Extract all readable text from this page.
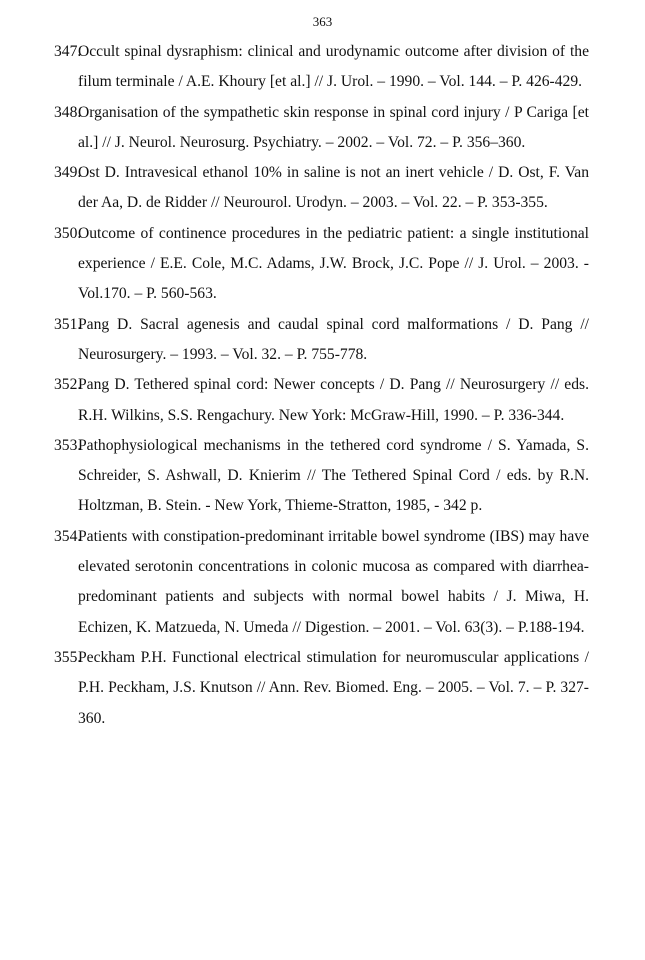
363
347.
Occult spinal dysraphism: clinical and urodynamic outcome after division of the filum terminale / A.E. Khoury [et al.] // J. Urol. – 1990. – Vol. 144. – P. 426-429.
348.
Organisation of the sympathetic skin response in spinal cord injury / P Cariga [et al.] // J. Neurol. Neurosurg. Psychiatry. – 2002. – Vol. 72. – P. 356–360.
349.
Ost D. Intravesical ethanol 10% in saline is not an inert vehicle / D. Ost, F. Van der Aa, D. de Ridder // Neurourol. Urodyn. – 2003. – Vol. 22. – P. 353-355.
350.
Outcome of continence procedures in the pediatric patient: a single institutional experience / E.E. Cole, M.C. Adams, J.W. Brock, J.C. Pope // J. Urol. – 2003. - Vol.170. – P. 560-563.
351.
Pang D. Sacral agenesis and caudal spinal cord malformations / D. Pang // Neurosurgery. – 1993. – Vol. 32. – P. 755-778.
352.
Pang D. Tethered spinal cord: Newer concepts / D. Pang // Neurosurgery // eds. R.H. Wilkins, S.S. Rengachury. New York: McGraw-Hill, 1990. – P. 336-344.
353.
Pathophysiological mechanisms in the tethered cord syndrome / S. Yamada, S. Schreider, S. Ashwall, D. Knierim // The Tethered Spinal Cord / eds. by R.N. Holtzman, B. Stein. - New York, Thieme-Stratton, 1985, - 342 p.
354.
Patients with constipation-predominant irritable bowel syndrome (IBS) may have elevated serotonin concentrations in colonic mucosa as compared with diarrhea-predominant patients and subjects with normal bowel habits / J. Miwa, H. Echizen, K. Matzueda, N. Umeda // Digestion. – 2001. – Vol. 63(3). – P.188-194.
355.
Peckham P.H. Functional electrical stimulation for neuromuscular applications / P.H. Peckham, J.S. Knutson // Ann. Rev. Biomed. Eng. – 2005. – Vol. 7. – P. 327-360.
